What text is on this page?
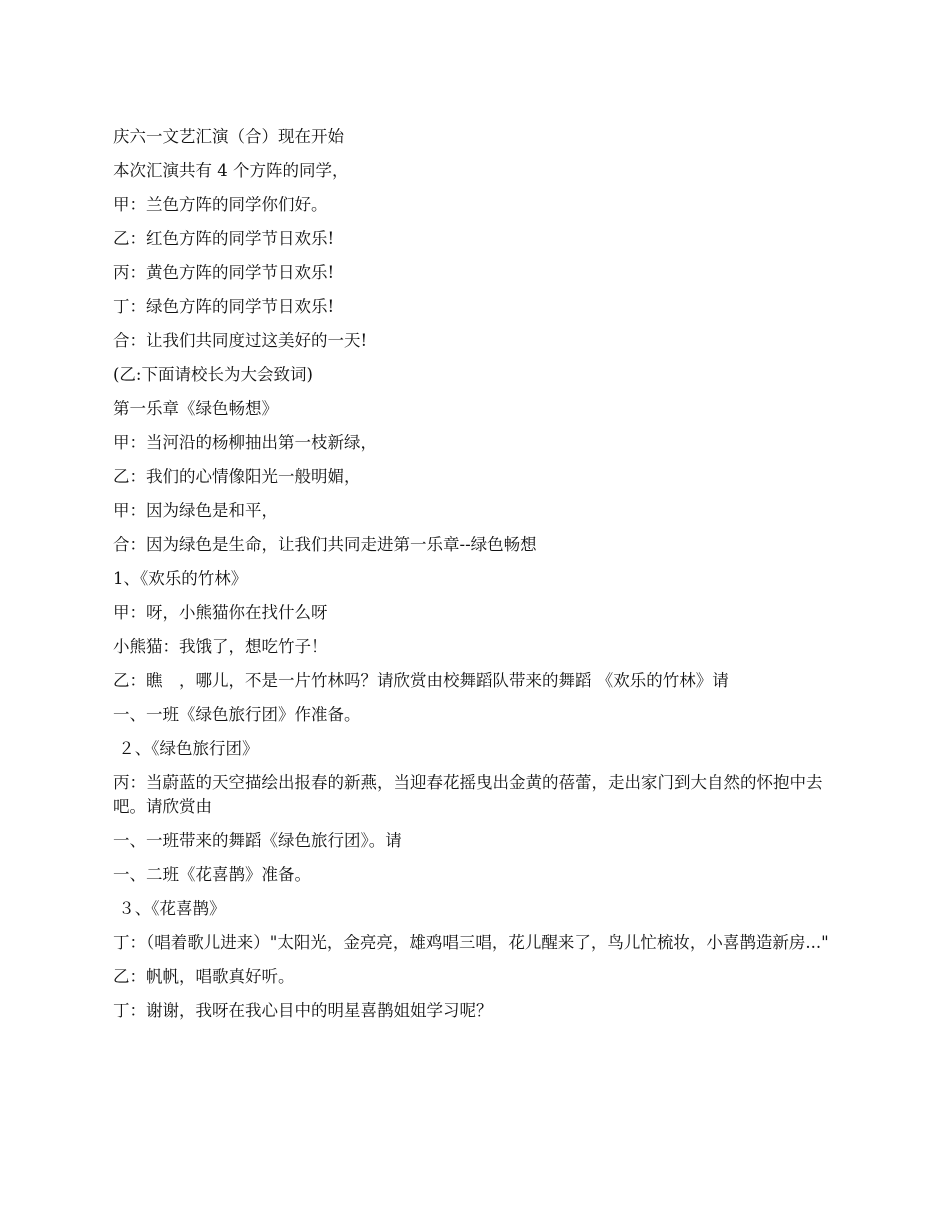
庆六一文艺汇演（合）现在开始

本次汇演共有 4 个方阵的同学，

甲：兰色方阵的同学你们好。

乙：红色方阵的同学节日欢乐!

丙：黄色方阵的同学节日欢乐!

丁：绿色方阵的同学节日欢乐!

合：让我们共同度过这美好的一天!

(乙:下面请校长为大会致词)

第一乐章《绿色畅想》

甲：当河沿的杨柳抽出第一枝新绿，

乙：我们的心情像阳光一般明媚，

甲：因为绿色是和平，

合：因为绿色是生命，让我们共同走进第一乐章--绿色畅想

1、《欢乐的竹林》

甲：呀，小熊猫你在找什么呀

小熊猫：我饿了，想吃竹子！

乙：瞧　，哪儿，不是一片竹林吗？请欣赏由校舞蹈队带来的舞蹈 《欢乐的竹林》请

一、一班《绿色旅行团》作准备。

２、《绿色旅行团》

丙：当蔚蓝的天空描绘出报春的新燕，当迎春花摇曳出金黄的蓓蕾，走出家门到大自然的怀抱中去吧。请欣赏由

一、一班带来的舞蹈《绿色旅行团》。请

一、二班《花喜鹊》准备。

３、《花喜鹊》

丁：（唱着歌儿进来）"太阳光，金亮亮，雄鸡唱三唱，花儿醒来了，鸟儿忙梳妆，小喜鹊造新房..."

乙：帆帆，唱歌真好听。

丁：谢谢，我呀在我心目中的明星喜鹊姐姐学习呢？
